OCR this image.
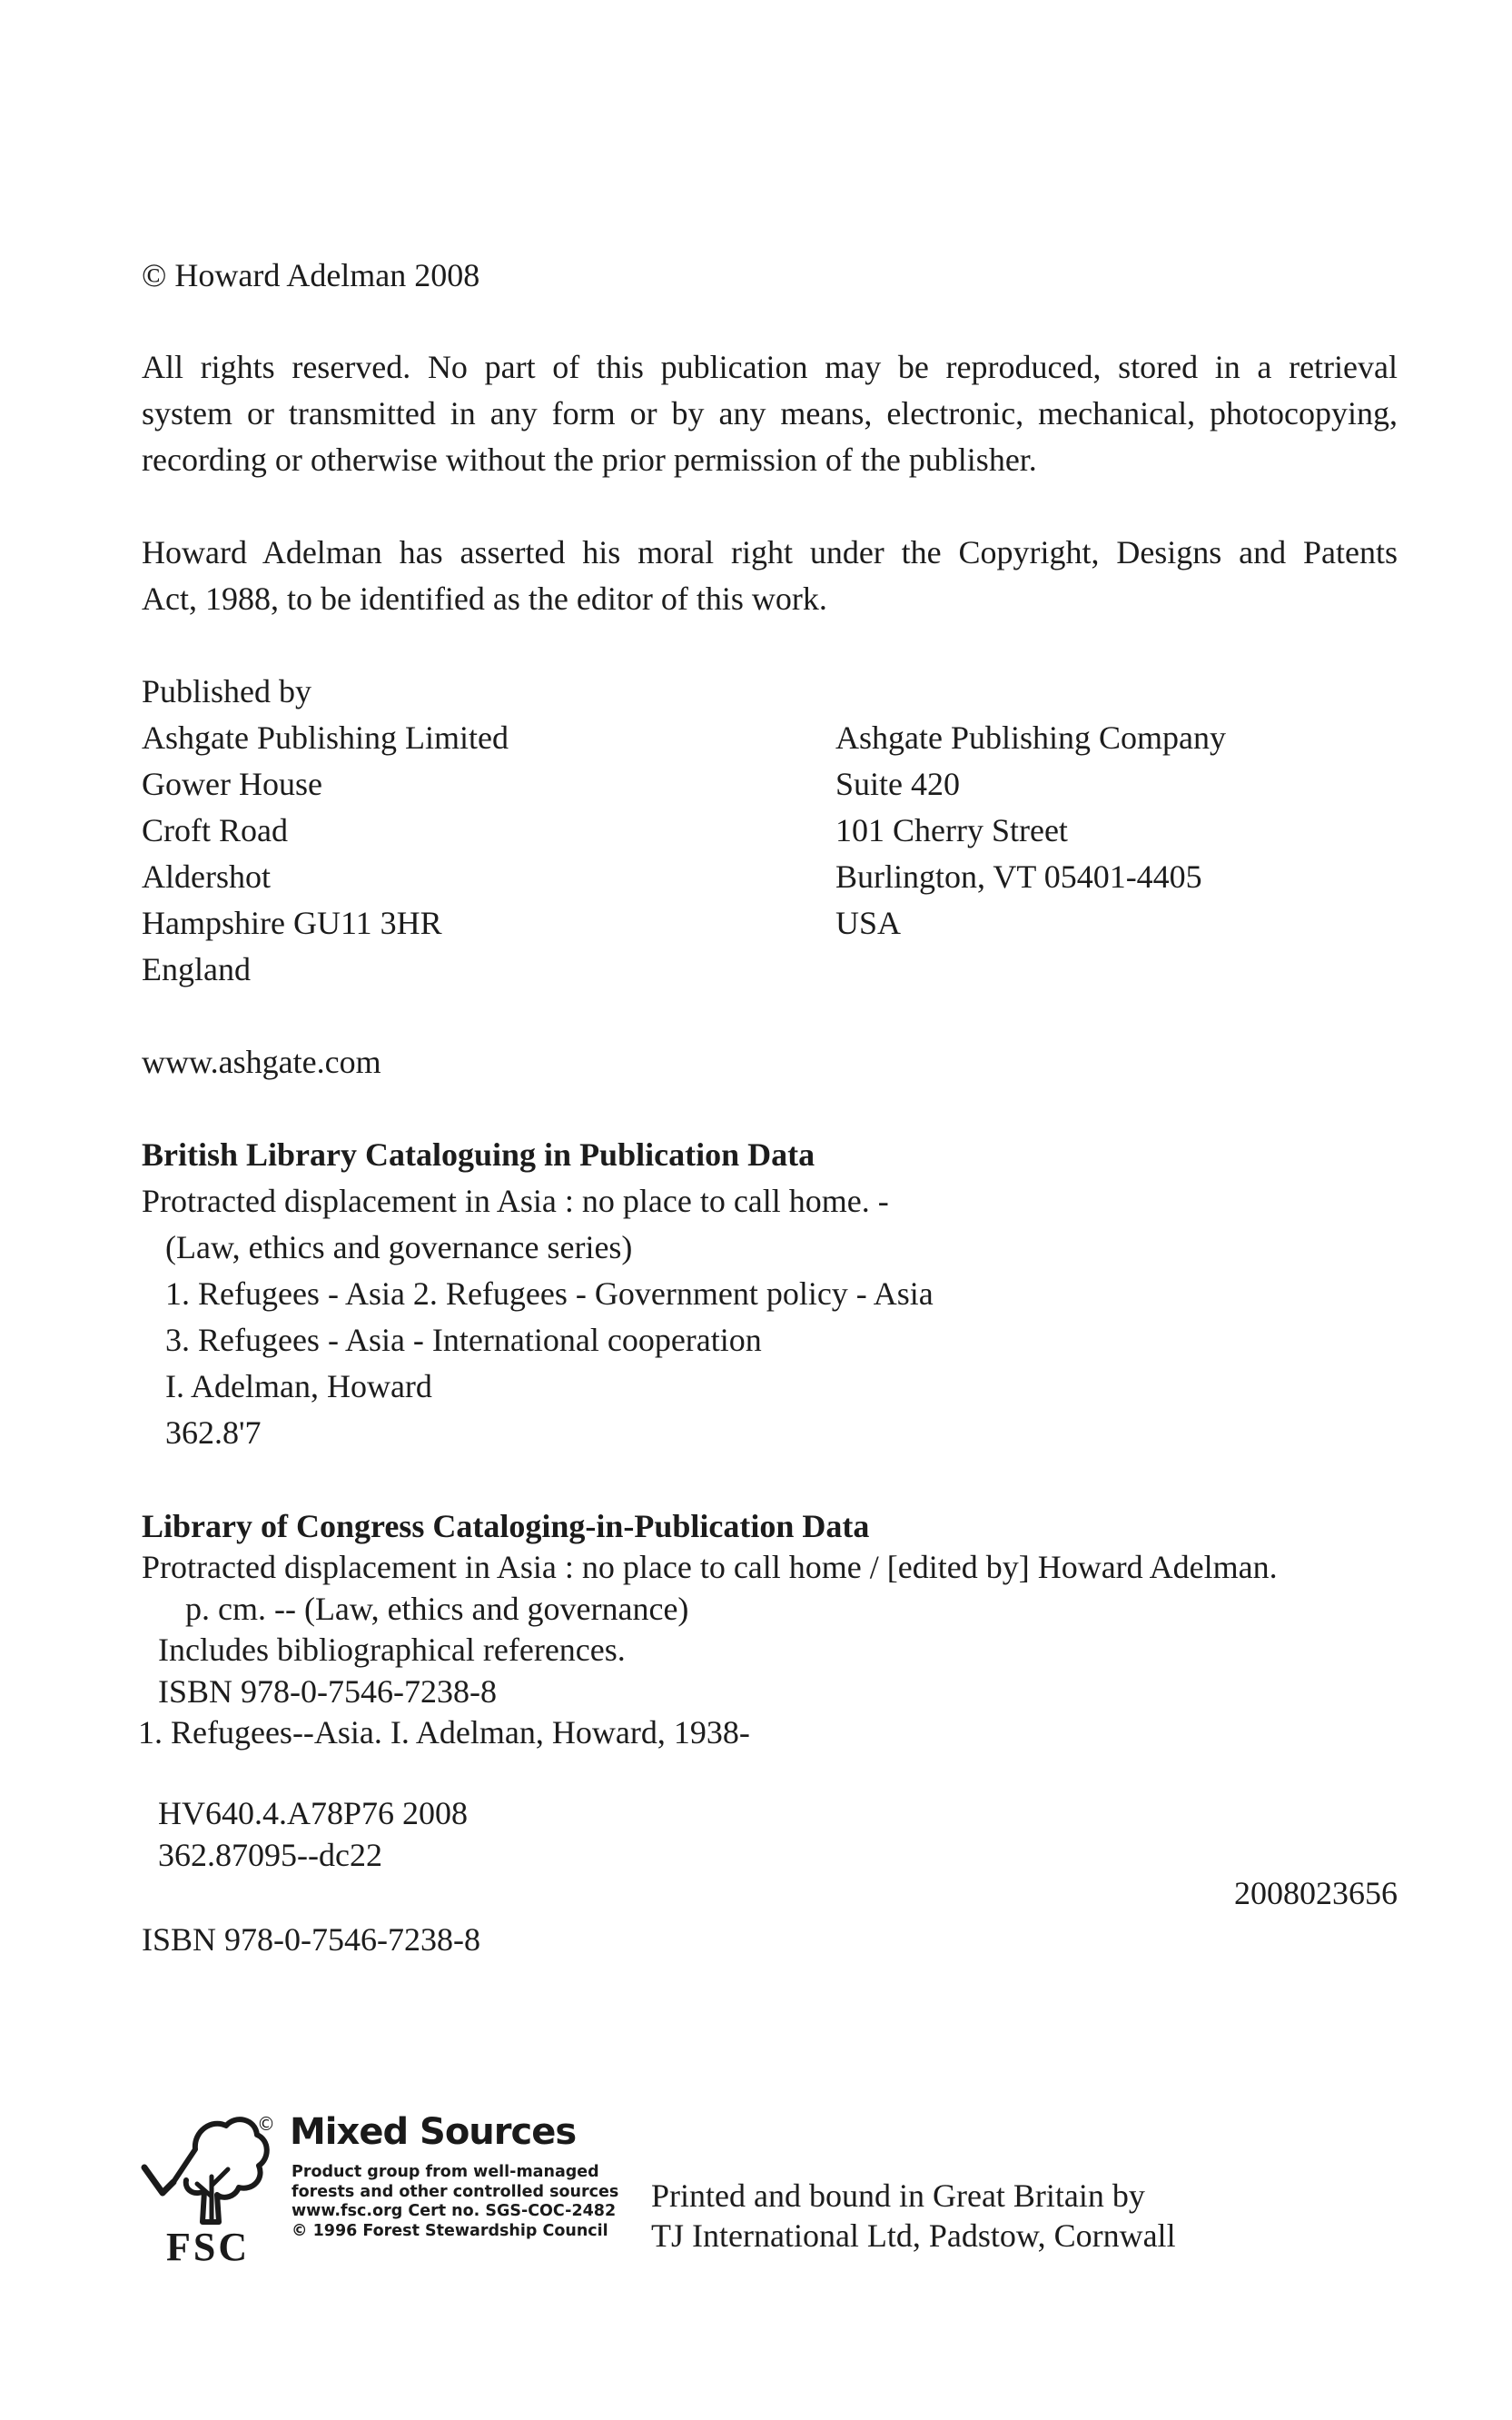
© Howard Adelman 2008
All rights reserved. No part of this publication may be reproduced, stored in a retrieval
system or transmitted in any form or by any means, electronic, mechanical, photocopying,
recording or otherwise without the prior permission of the publisher.
Howard Adelman has asserted his moral right under the Copyright, Designs and Patents
Act, 1988, to be identified as the editor of this work.
Published by
Ashgate Publishing Limited
Gower House
Croft Road
Aldershot
Hampshire GU11 3HR
England
Ashgate Publishing Company
Suite 420
101 Cherry Street
Burlington, VT 05401-4405
USA
www.ashgate.com
British Library Cataloguing in Publication Data
Protracted displacement in Asia : no place to call home. -
(Law, ethics and governance series)
1. Refugees - Asia 2. Refugees - Government policy - Asia
3. Refugees - Asia - International cooperation
I. Adelman, Howard
362.8'7
Library of Congress Cataloging-in-Publication Data
Protracted displacement in Asia : no place to call home / [edited by] Howard Adelman.
p. cm. -- (Law, ethics and governance)
Includes bibliographical references.
ISBN 978-0-7546-7238-8
1. Refugees--Asia. I. Adelman, Howard, 1938-
HV640.4.A78P76 2008
362.87095--dc22
2008023656
ISBN 978-0-7546-7238-8
©
FSC
Mixed Sources
Product group from well-managed
forests and other controlled sources
www.fsc.org Cert no. SGS-COC-2482
© 1996 Forest Stewardship Council
Printed and bound in Great Britain by
TJ International Ltd, Padstow, Cornwall
